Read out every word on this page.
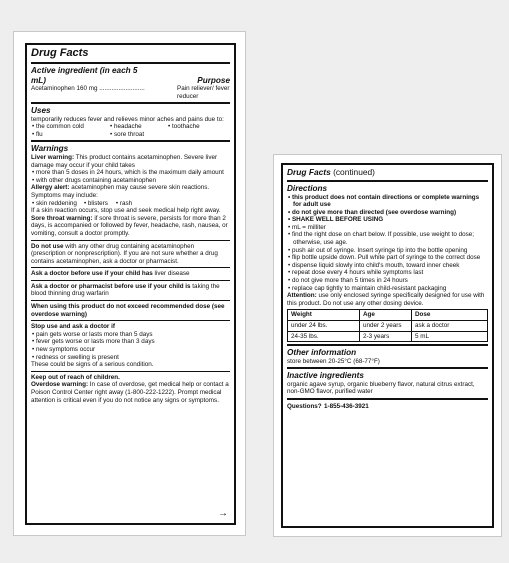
Drug Facts
Active ingredient (in each 5 mL)	Purpose
Acetaminophen 160 mg ..........................	Pain reliever/ fever reducer
Uses
temporarily reduces fever and relieves minor aches and pains due to:
• the common cold	• headache	• toothache
• flu	• sore throat
Warnings
Liver warning: This product contains acetaminophen. Severe liver damage may occur if your child takes
• more than 5 doses in 24 hours, which is the maximum daily amount
• with other drugs containing acetaminophen
Allergy alert: acetaminophen may cause severe skin reactions. Symptoms may include:
• skin reddening	• blisters	• rash
If a skin reaction occurs, stop use and seek medical help right away.
Sore throat warning: if sore throat is severe, persists for more than 2 days, is accompanied or followed by fever, headache, rash, nausea, or vomiting, consult a doctor promptly.
Do not use with any other drug containing acetaminophen (prescription or nonprescription). If you are not sure whether a drug contains acetaminophen, ask a doctor or pharmacist.
Ask a doctor before use if your child has liver disease
Ask a doctor or pharmacist before use if your child is taking the blood thinning drug warfarin
When using this product do not exceed recommended dose (see overdose warning)
Stop use and ask a doctor if
• pain gets worse or lasts more than 5 days
• fever gets worse or lasts more than 3 days
• new symptoms occur
• redness or swelling is present
These could be signs of a serious condition.
Keep out of reach of children.
Overdose warning: In case of overdose, get medical help or contact a Poison Control Center right away (1-800-222-1222). Prompt medical attention is critical even if you do not notice any signs or symptoms.
→
Drug Facts (continued)
Directions
• this product does not contain directions or complete warnings for adult use
• do not give more than directed (see overdose warning)
• SHAKE WELL BEFORE USING
• mL = milliter
• find the right dose on chart below. If possible, use weight to dose; otherwise, use age.
• push air out of syringe. Insert syringe tip into the bottle opening
• flip bottle upside down. Pull white part of syringe to the correct dose
• dispense liquid slowly into child's mouth, toward inner cheek
• repeat dose every 4 hours while symptoms last
• do not give more than 5 times in 24 hours
• replace cap tightly to maintain child-resistant packaging
Attention: use only enclosed syringe specifically designed for use with this product. Do not use any other dosing device.
Weight	Age	Dose
under 24 lbs.	under 2 years	ask a doctor
24-35 lbs.	2-3 years	5 mL
Other information
store between 20-25°C (68-77°F)
Inactive ingredients
organic agave syrup, organic blueberry flavor, natural citrus extract, non-GMO flavor, purified water
Questions? 1-855-436-3921
